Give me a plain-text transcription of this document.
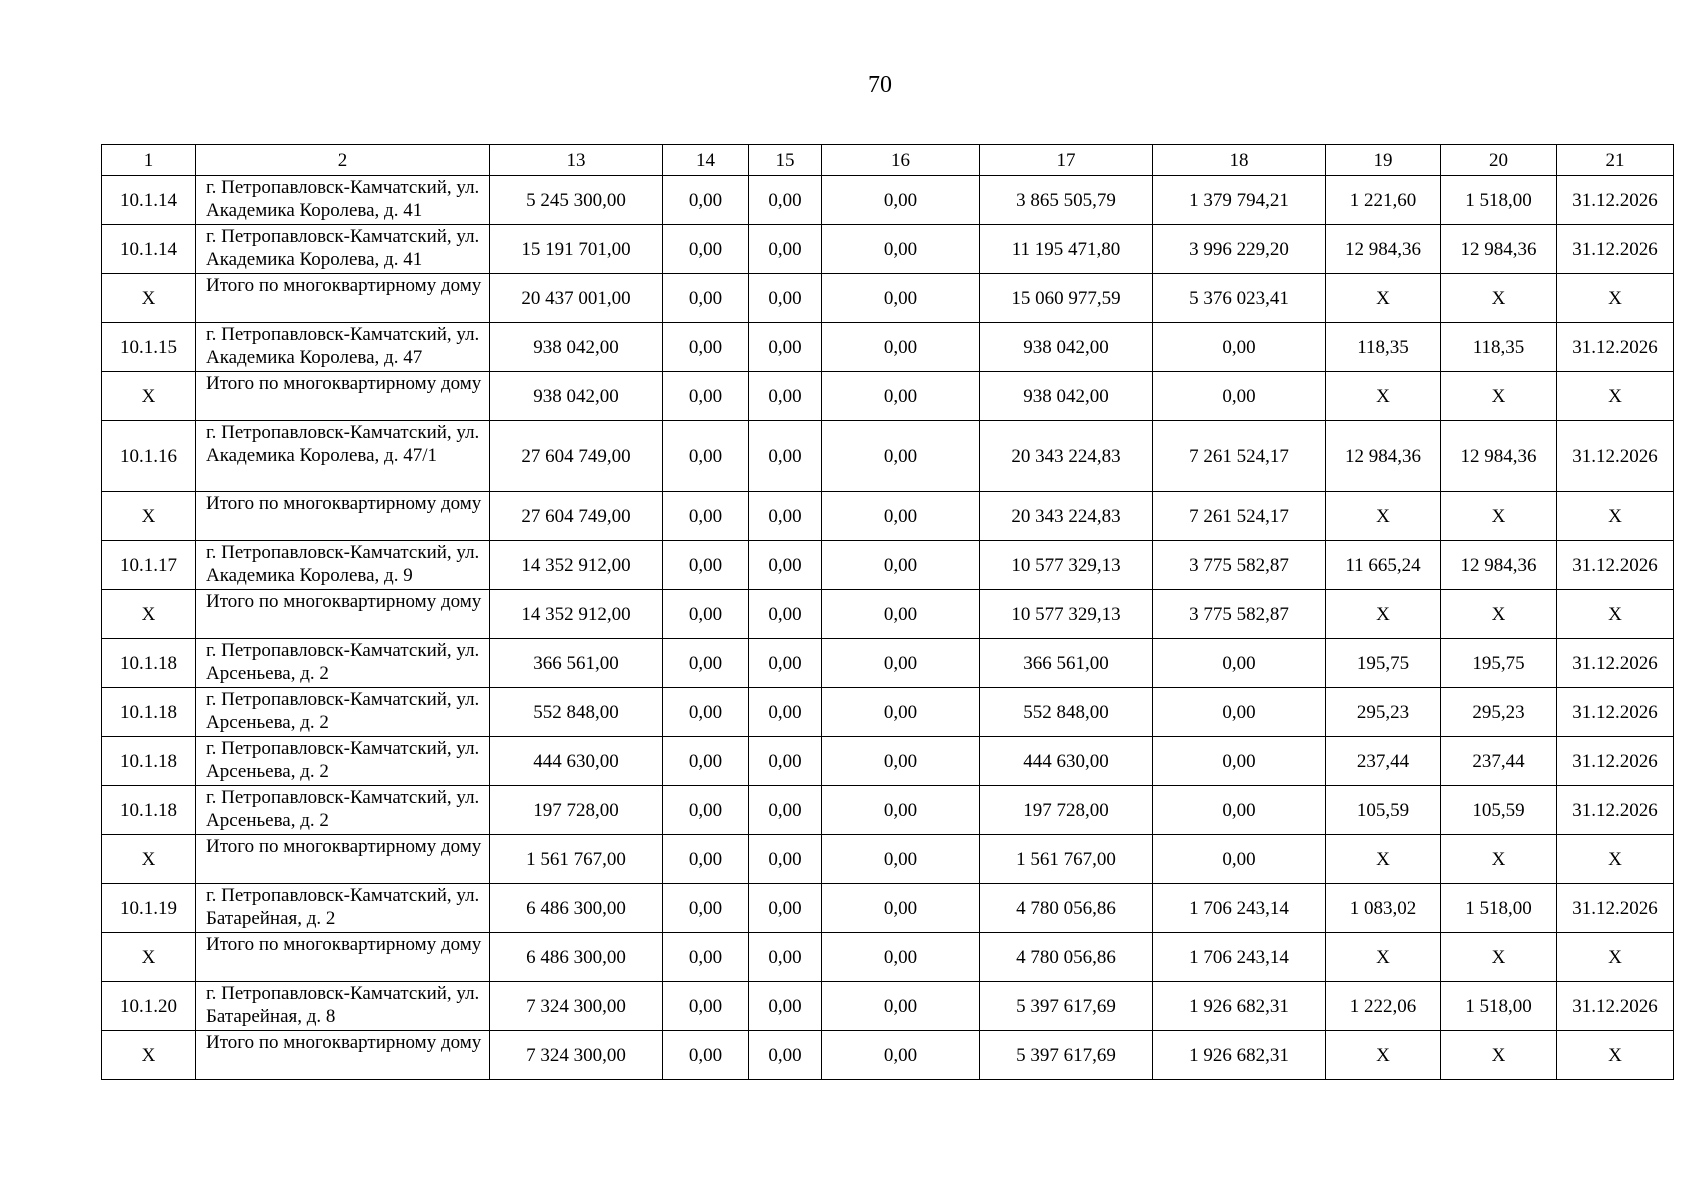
70
1	2	13	14	15	16	17	18	19	20	21
10.1.14	г. Петропавловск-Камчатский, ул. Академика Королева, д. 41	5 245 300,00	0,00	0,00	0,00	3 865 505,79	1 379 794,21	1 221,60	1 518,00	31.12.2026
10.1.14	г. Петропавловск-Камчатский, ул. Академика Королева, д. 41	15 191 701,00	0,00	0,00	0,00	11 195 471,80	3 996 229,20	12 984,36	12 984,36	31.12.2026
X	Итого по многоквартирному дому	20 437 001,00	0,00	0,00	0,00	15 060 977,59	5 376 023,41	X	X	X
10.1.15	г. Петропавловск-Камчатский, ул. Академика Королева, д. 47	938 042,00	0,00	0,00	0,00	938 042,00	0,00	118,35	118,35	31.12.2026
X	Итого по многоквартирному дому	938 042,00	0,00	0,00	0,00	938 042,00	0,00	X	X	X
10.1.16	г. Петропавловск-Камчатский, ул. Академика Королева, д. 47/1	27 604 749,00	0,00	0,00	0,00	20 343 224,83	7 261 524,17	12 984,36	12 984,36	31.12.2026
X	Итого по многоквартирному дому	27 604 749,00	0,00	0,00	0,00	20 343 224,83	7 261 524,17	X	X	X
10.1.17	г. Петропавловск-Камчатский, ул. Академика Королева, д. 9	14 352 912,00	0,00	0,00	0,00	10 577 329,13	3 775 582,87	11 665,24	12 984,36	31.12.2026
X	Итого по многоквартирному дому	14 352 912,00	0,00	0,00	0,00	10 577 329,13	3 775 582,87	X	X	X
10.1.18	г. Петропавловск-Камчатский, ул. Арсеньева, д. 2	366 561,00	0,00	0,00	0,00	366 561,00	0,00	195,75	195,75	31.12.2026
10.1.18	г. Петропавловск-Камчатский, ул. Арсеньева, д. 2	552 848,00	0,00	0,00	0,00	552 848,00	0,00	295,23	295,23	31.12.2026
10.1.18	г. Петропавловск-Камчатский, ул. Арсеньева, д. 2	444 630,00	0,00	0,00	0,00	444 630,00	0,00	237,44	237,44	31.12.2026
10.1.18	г. Петропавловск-Камчатский, ул. Арсеньева, д. 2	197 728,00	0,00	0,00	0,00	197 728,00	0,00	105,59	105,59	31.12.2026
X	Итого по многоквартирному дому	1 561 767,00	0,00	0,00	0,00	1 561 767,00	0,00	X	X	X
10.1.19	г. Петропавловск-Камчатский, ул. Батарейная, д. 2	6 486 300,00	0,00	0,00	0,00	4 780 056,86	1 706 243,14	1 083,02	1 518,00	31.12.2026
X	Итого по многоквартирному дому	6 486 300,00	0,00	0,00	0,00	4 780 056,86	1 706 243,14	X	X	X
10.1.20	г. Петропавловск-Камчатский, ул. Батарейная, д. 8	7 324 300,00	0,00	0,00	0,00	5 397 617,69	1 926 682,31	1 222,06	1 518,00	31.12.2026
X	Итого по многоквартирному дому	7 324 300,00	0,00	0,00	0,00	5 397 617,69	1 926 682,31	X	X	X
